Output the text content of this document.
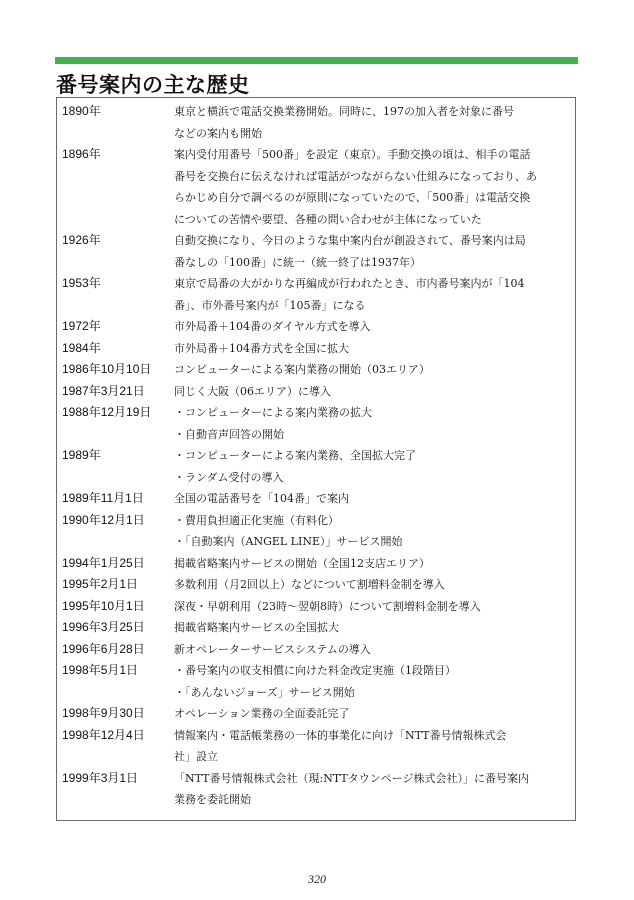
番号案内の主な歴史
1890年	東京と横浜で電話交換業務開始。同時に、197の加入者を対象に番号
などの案内も開始

1896年	案内受付用番号「500番」を設定（東京）。手動交換の頃は、相手の電話
番号を交換台に伝えなければ電話がつながらない仕組みになっており、あ
らかじめ自分で調べるのが原則になっていたので、「500番」は電話交換
についての苦情や要望、各種の問い合わせが主体になっていた

1926年	自動交換になり、今日のような集中案内台が創設されて、番号案内は局
番なしの「100番」に統一（統一終了は1937年）

1953年	東京で局番の大がかりな再編成が行われたとき、市内番号案内が「104
番」、市外番号案内が「105番」になる

1972年	市外局番＋104番のダイヤル方式を導入

1984年	市外局番＋104番方式を全国に拡大

1986年10月10日	コンピューターによる案内業務の開始（03エリア）

1987年3月21日	同じく大阪（06エリア）に導入

1988年12月19日	・コンピューターによる案内業務の拡大
・自動音声回答の開始

1989年	・コンピューターによる案内業務、全国拡大完了
・ランダム受付の導入

1989年11月1日	全国の電話番号を「104番」で案内

1990年12月1日	・費用負担適正化実施（有料化）
・「自動案内（ANGEL LINE）」サービス開始

1994年1月25日	掲載省略案内サービスの開始（全国12支店エリア）

1995年2月1日	多数利用（月2回以上）などについて割増料金制を導入

1995年10月1日	深夜・早朝利用（23時～翌朝8時）について割増料金制を導入

1996年3月25日	掲載省略案内サービスの全国拡大

1996年6月28日	新オペレーターサービスシステムの導入

1998年5月1日	・番号案内の収支相償に向けた料金改定実施（1段階目）
・「あんないジョーズ」サービス開始

1998年9月30日	オペレーション業務の全面委託完了

1998年12月4日	情報案内・電話帳業務の一体的事業化に向け「NTT番号情報株式会
社」設立

1999年3月1日	「NTT番号情報株式会社（現:NTTタウンページ株式会社）」に番号案内
業務を委託開始
320
